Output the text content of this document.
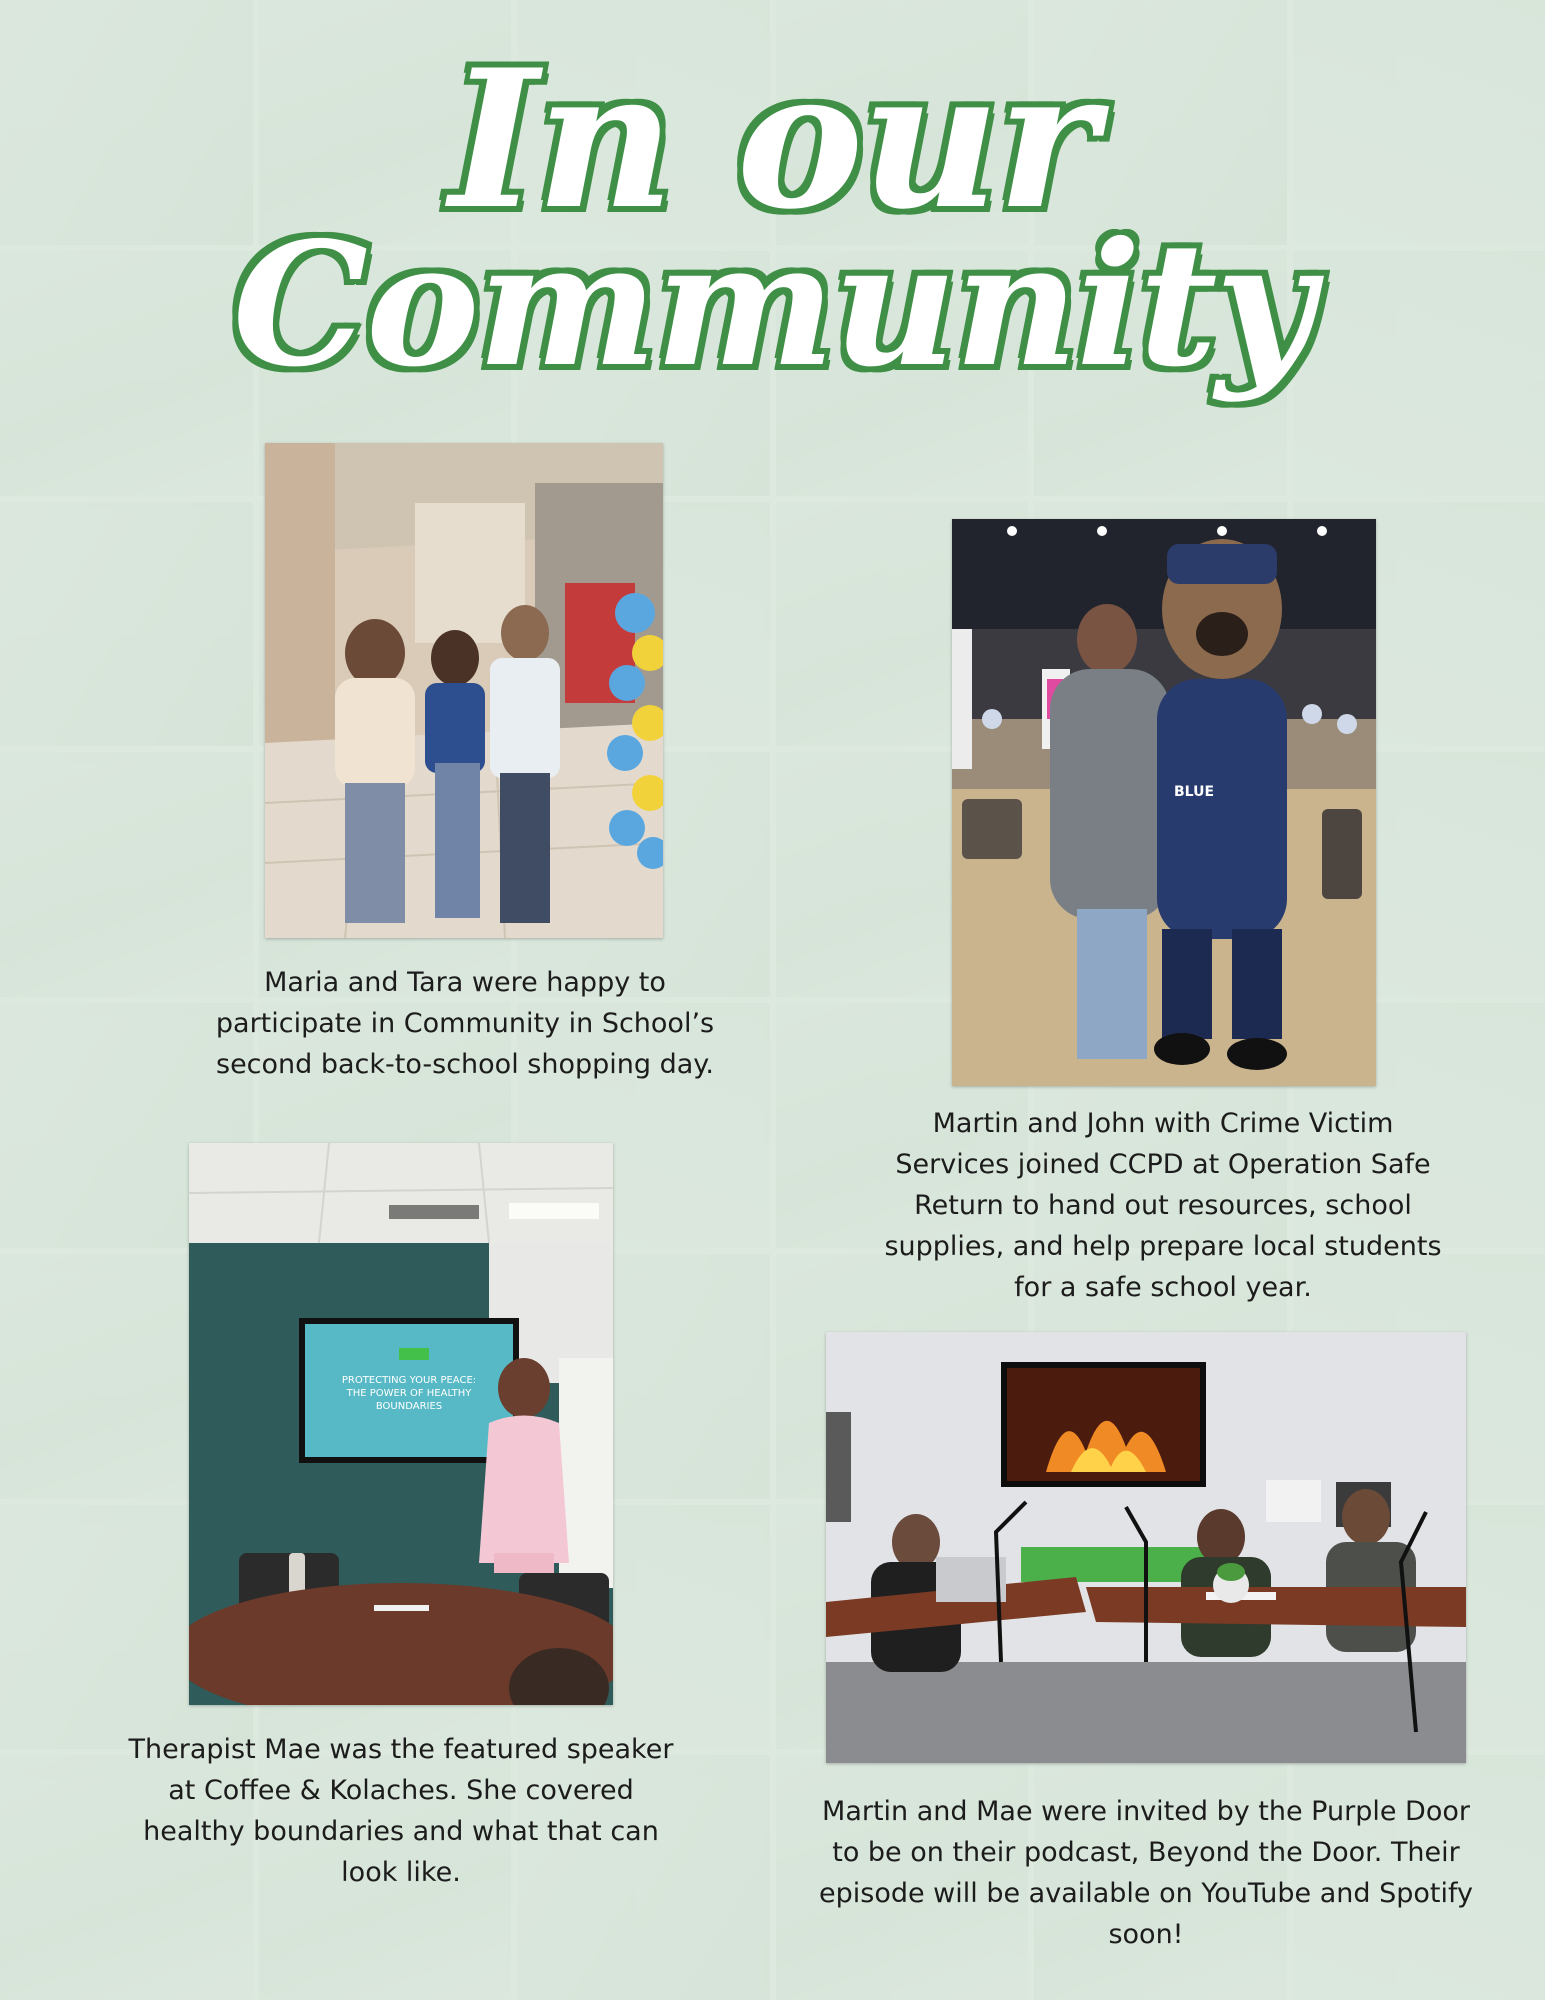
In our
Community
Maria and Tara were happy to participate in Community in School’s second back-to-school shopping day.
BLUE
Martin and John with Crime Victim Services joined CCPD at Operation Safe Return to hand out resources, school supplies, and help prepare local students for a safe school year.
PROTECTING YOUR PEACE: THE POWER OF HEALTHY BOUNDARIES
Therapist Mae was the featured speaker at Coffee & Kolaches. She covered healthy boundaries and what that can look like.
Martin and Mae were invited by the Purple Door to be on their podcast, Beyond the Door. Their episode will be available on YouTube and Spotify soon!
